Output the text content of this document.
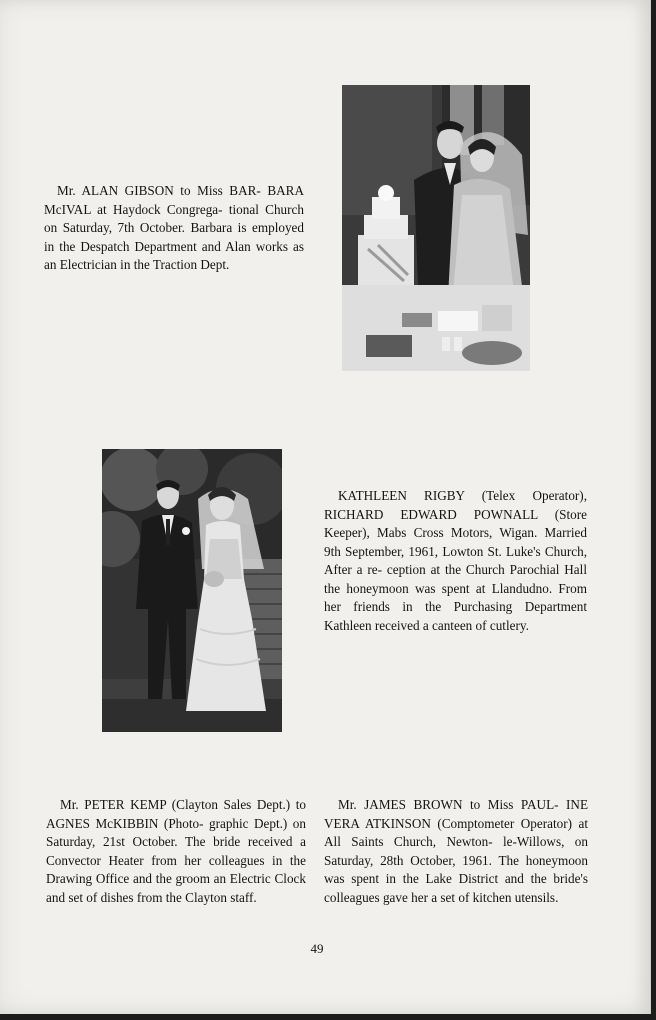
Mr. ALAN GIBSON to Miss BAR- BARA McIVAL at Haydock Congrega- tional Church on Saturday, 7th October. Barbara is employed in the Despatch Department and Alan works as an Electrician in the Traction Dept.

KATHLEEN RIGBY (Telex Operator), RICHARD EDWARD POWNALL (Store Keeper), Mabs Cross Motors, Wigan. Married 9th September, 1961, Lowton St. Luke's Church, After a re- ception at the Church Parochial Hall the honeymoon was spent at Llandudno. From her friends in the Purchasing Department Kathleen received a canteen of cutlery.

Mr. PETER KEMP (Clayton Sales Dept.) to AGNES McKIBBIN (Photo- graphic Dept.) on Saturday, 21st October. The bride received a Convector Heater from her colleagues in the Drawing Office and the groom an Electric Clock and set of dishes from the Clayton staff.

Mr. JAMES BROWN to Miss PAUL- INE VERA ATKINSON (Comptometer Operator) at All Saints Church, Newton- le-Willows, on Saturday, 28th October, 1961. The honeymoon was spent in the Lake District and the bride's colleagues gave her a set of kitchen utensils.

49
